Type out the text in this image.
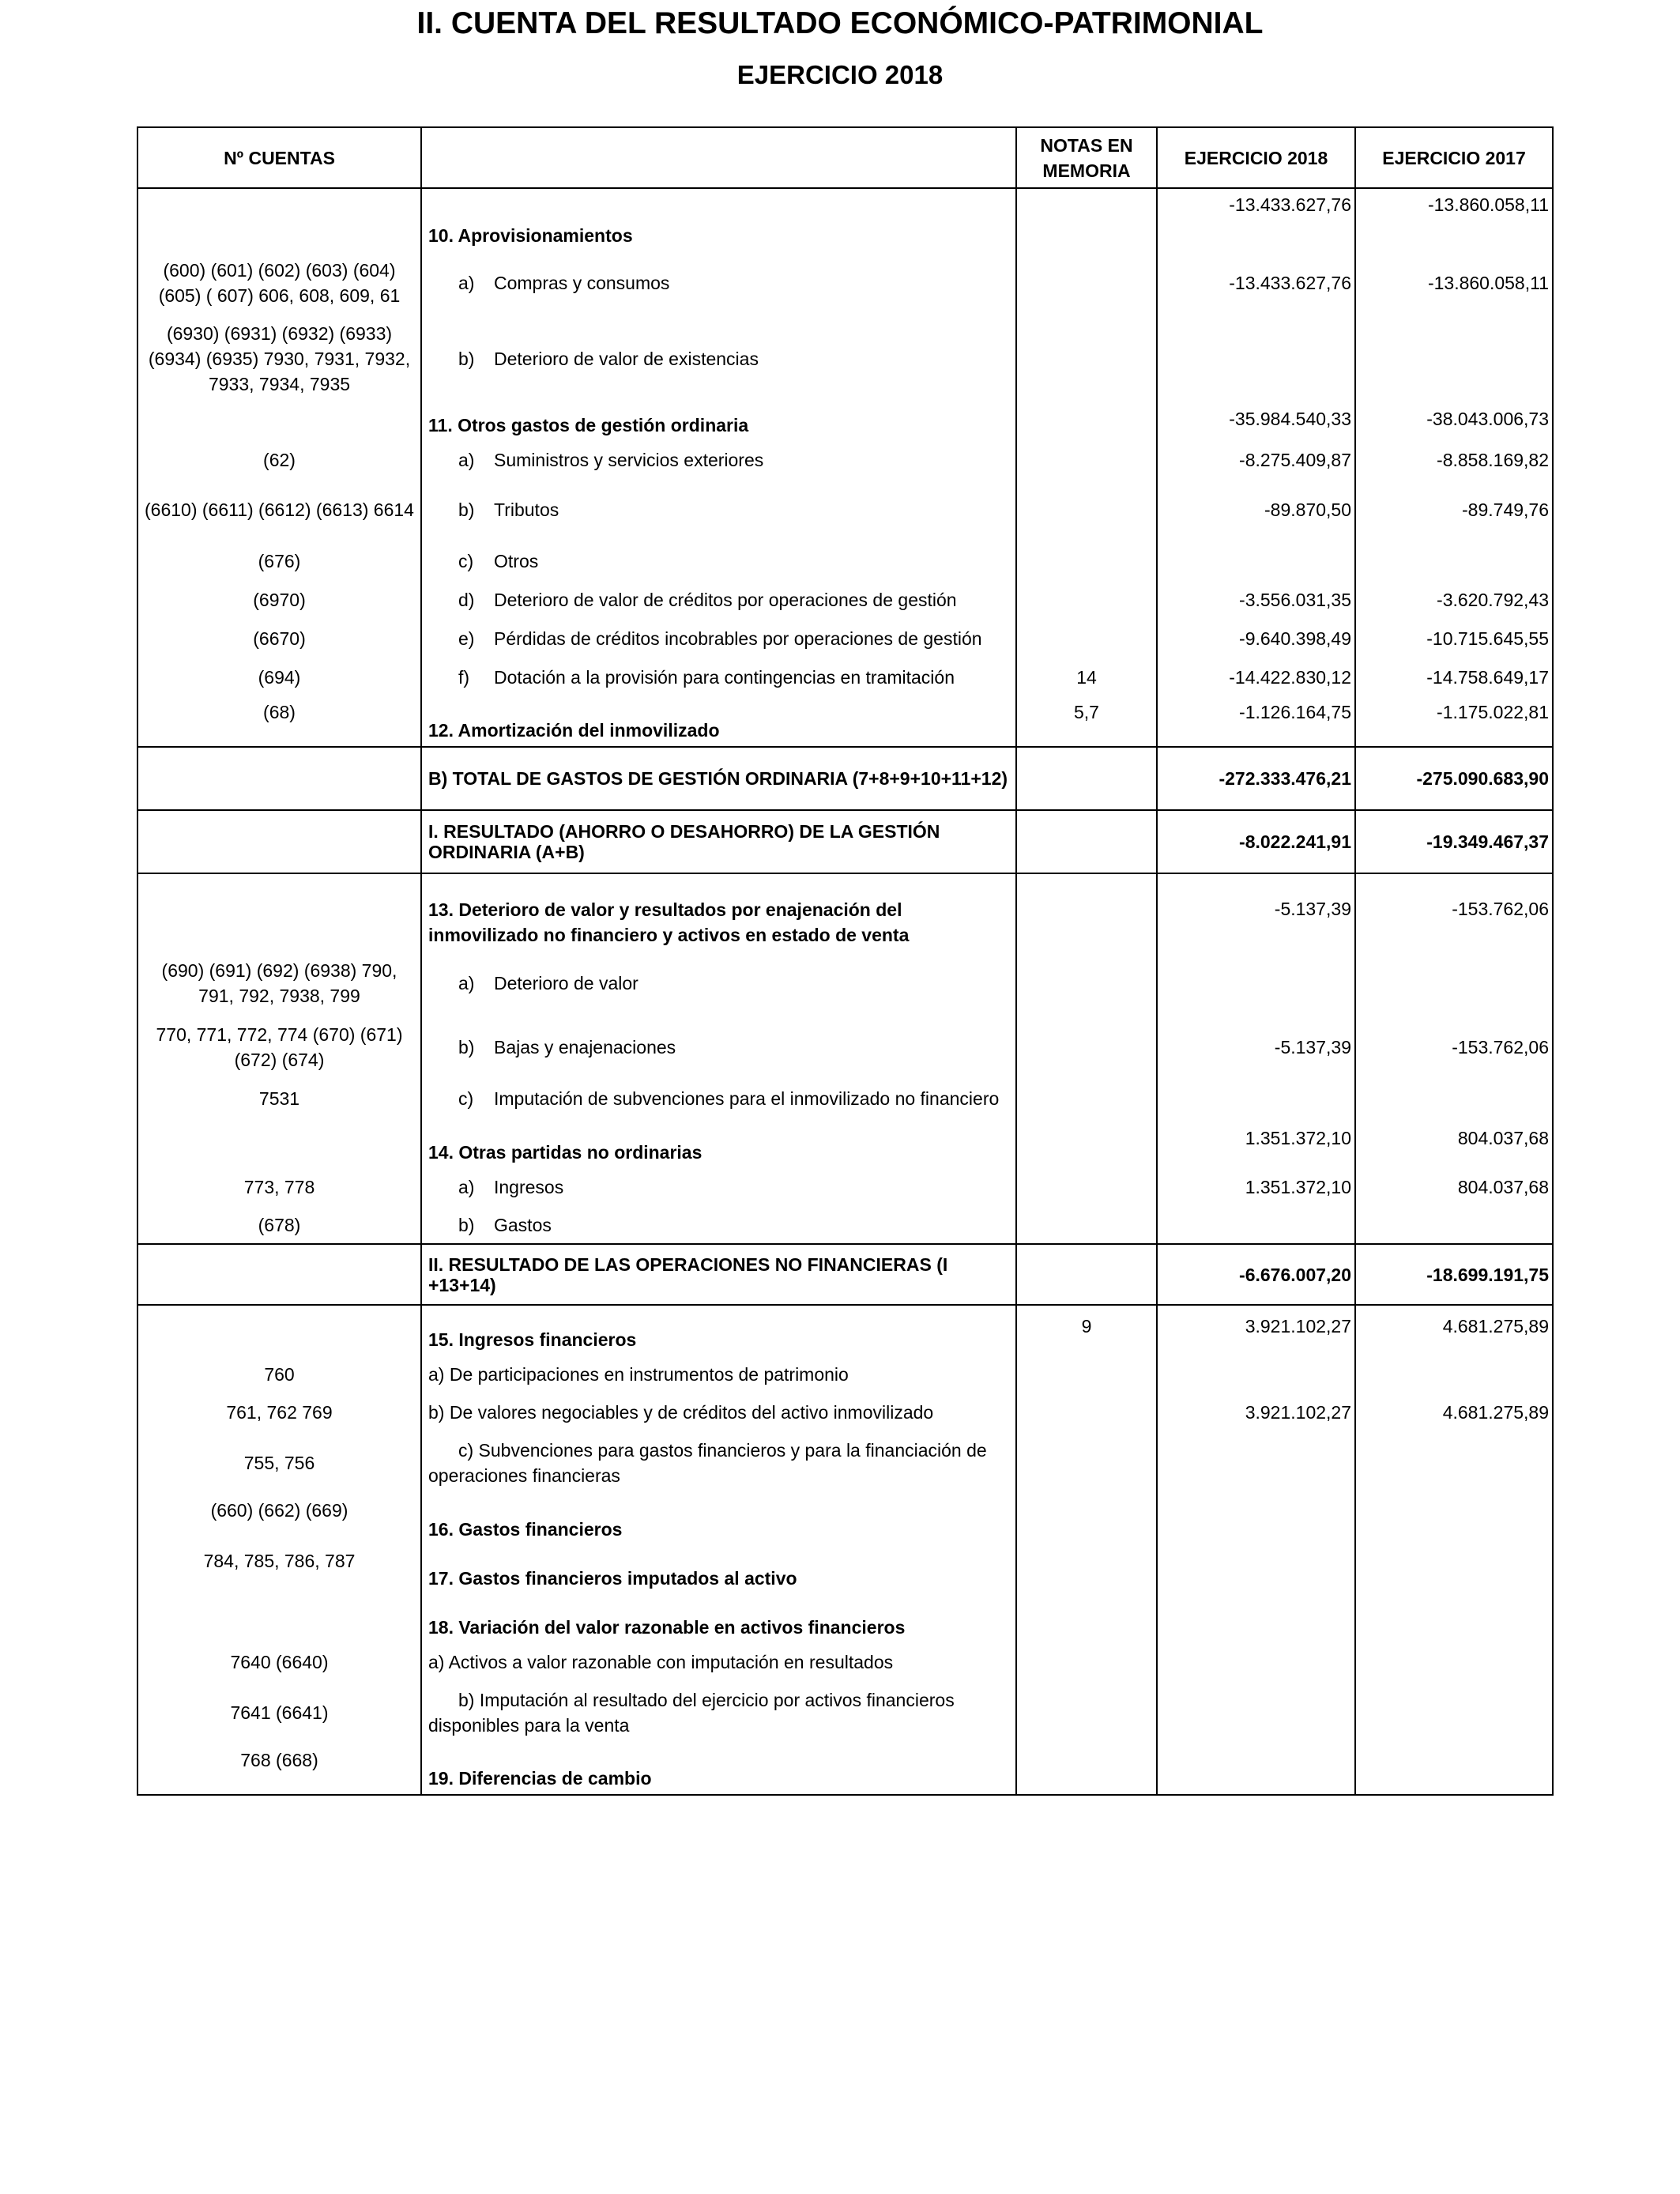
II. CUENTA DEL RESULTADO ECONÓMICO-PATRIMONIAL
EJERCICIO 2018
Nº CUENTAS		NOTAS EN MEMORIA	EJERCICIO 2018	EJERCICIO 2017
	10. Aprovisionamientos		-13.433.627,76	-13.860.058,11
(600) (601) (602) (603) (604) (605) ( 607) 606, 608, 609, 61	a) Compras y consumos		-13.433.627,76	-13.860.058,11
(6930) (6931) (6932) (6933) (6934) (6935) 7930, 7931, 7932, 7933, 7934, 7935	b) Deterioro de valor de existencias			
	11. Otros gastos de gestión ordinaria		-35.984.540,33	-38.043.006,73
(62)	a) Suministros y servicios exteriores		-8.275.409,87	-8.858.169,82
(6610) (6611) (6612) (6613) 6614	b) Tributos		-89.870,50	-89.749,76
(676)	c) Otros			
(6970)	d) Deterioro de valor de créditos por operaciones de gestión		-3.556.031,35	-3.620.792,43
(6670)	e) Pérdidas de créditos incobrables por operaciones de gestión		-9.640.398,49	-10.715.645,55
(694)	f) Dotación a la provisión para contingencias en tramitación	14	-14.422.830,12	-14.758.649,17
(68)	12. Amortización del inmovilizado	5,7	-1.126.164,75	-1.175.022,81
	B) TOTAL DE GASTOS DE GESTIÓN ORDINARIA (7+8+9+10+11+12)		-272.333.476,21	-275.090.683,90
	I. RESULTADO (AHORRO O DESAHORRO) DE LA GESTIÓN ORDINARIA (A+B)		-8.022.241,91	-19.349.467,37
	13. Deterioro de valor y resultados por enajenación del inmovilizado no financiero y activos en estado de venta		-5.137,39	-153.762,06
(690) (691) (692) (6938) 790, 791, 792, 7938, 799	a) Deterioro de valor			
770, 771, 772, 774 (670) (671) (672) (674)	b) Bajas y enajenaciones		-5.137,39	-153.762,06
7531	c) Imputación de subvenciones para el inmovilizado no financiero			
	14. Otras partidas no ordinarias		1.351.372,10	804.037,68
773, 778	a) Ingresos		1.351.372,10	804.037,68
(678)	b) Gastos			
	II. RESULTADO DE LAS OPERACIONES NO FINANCIERAS (I +13+14)		-6.676.007,20	-18.699.191,75
	15. Ingresos financieros	9	3.921.102,27	4.681.275,89
760	a) De participaciones en instrumentos de patrimonio			
761, 762 769	b) De valores negociables y de créditos del activo inmovilizado		3.921.102,27	4.681.275,89
755, 756	c) Subvenciones para gastos financieros y para la financiación de operaciones financieras			
(660) (662) (669)	16. Gastos financieros			
784, 785, 786, 787	17. Gastos financieros imputados al activo			
	18. Variación del valor razonable en activos financieros			
7640 (6640)	a) Activos a valor razonable con imputación en resultados			
7641 (6641)	b) Imputación al resultado del ejercicio por activos financieros disponibles para la venta			
768 (668)	19. Diferencias de cambio			
